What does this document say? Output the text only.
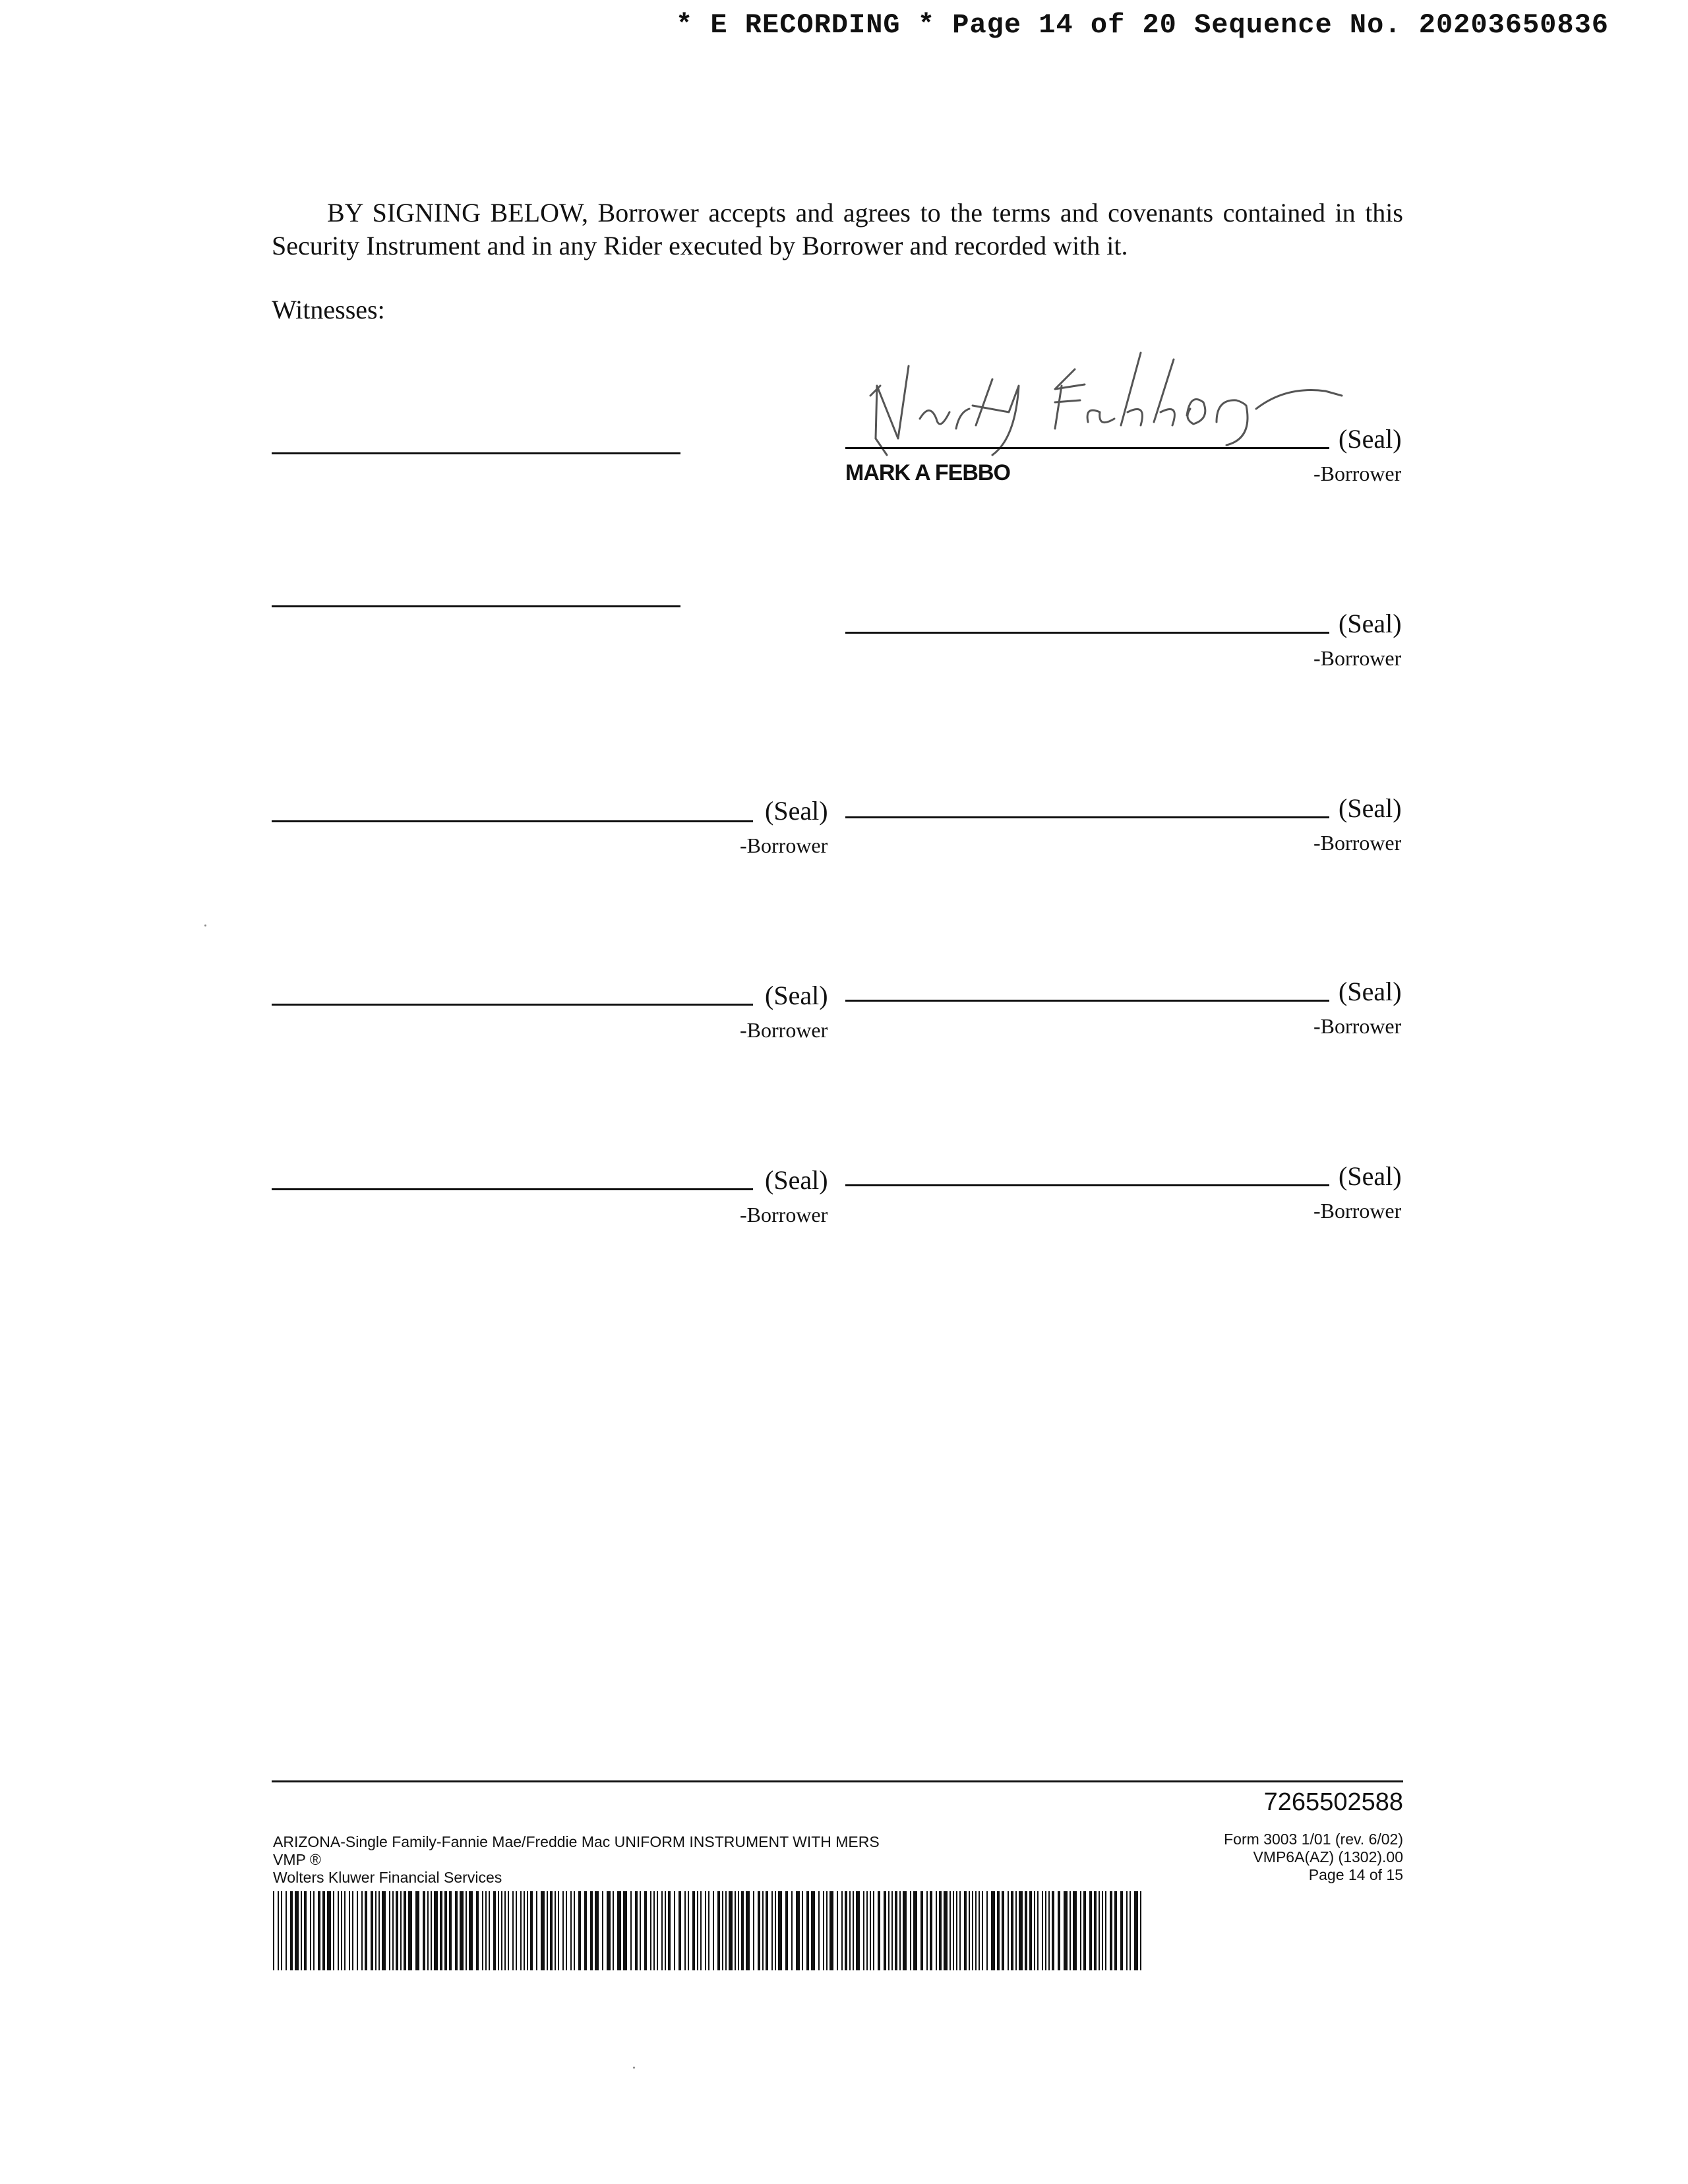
* E RECORDING * Page 14 of 20 Sequence No. 20203650836
BY SIGNING BELOW, Borrower accepts and agrees to the terms and covenants contained in this Security Instrument and in any Rider executed by Borrower and recorded with it.
Witnesses:
(Seal)
MARK A FEBBO	-Borrower
(Seal)
-Borrower
(Seal)
-Borrower
(Seal)
-Borrower
(Seal)
-Borrower
(Seal)
-Borrower
(Seal)
-Borrower
(Seal)
-Borrower
7265502588
ARIZONA-Single Family-Fannie Mae/Freddie Mac UNIFORM INSTRUMENT WITH MERS
VMP ®
Wolters Kluwer Financial Services
Form 3003 1/01 (rev. 6/02)
VMP6A(AZ) (1302).00
Page 14 of 15
